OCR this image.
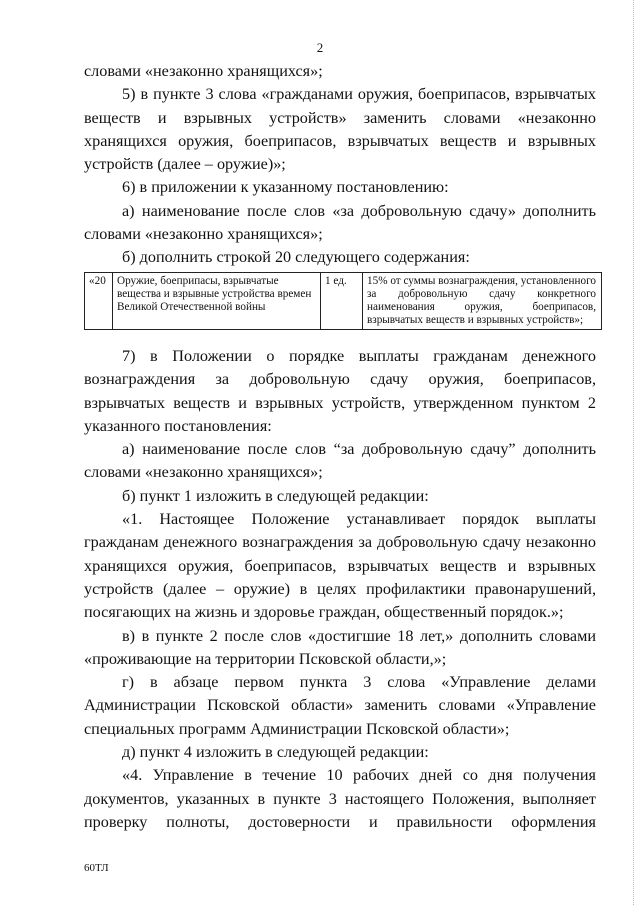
2

словами «незаконно хранящихся»;

5) в пункте 3 слова «гражданами оружия, боеприпасов, взрывчатых веществ и взрывных устройств» заменить словами «незаконно хранящихся оружия, боеприпасов, взрывчатых веществ и взрывных устройств (далее – оружие)»;

6) в приложении к указанному постановлению:

а) наименование после слов «за добровольную сдачу» дополнить словами «незаконно хранящихся»;

б) дополнить строкой 20 следующего содержания:

«20	Оружие, боеприпасы, взрывчатые вещества и взрывные устройства времен Великой Отечественной войны	1 ед.	15% от суммы вознаграждения, установленного за добровольную сдачу конкретного наименования оружия, боеприпасов, взрывчатых веществ и взрывных устройств»;

7) в Положении о порядке выплаты гражданам денежного вознаграждения за добровольную сдачу оружия, боеприпасов, взрывчатых веществ и взрывных устройств, утвержденном пунктом 2 указанного постановления:

а) наименование после слов “за добровольную сдачу” дополнить словами «незаконно хранящихся»;

б) пункт 1 изложить в следующей редакции:

«1. Настоящее Положение устанавливает порядок выплаты гражданам денежного вознаграждения за добровольную сдачу незаконно хранящихся оружия, боеприпасов, взрывчатых веществ и взрывных устройств (далее – оружие) в целях профилактики правонарушений, посягающих на жизнь и здоровье граждан, общественный порядок.»;

в) в пункте 2 после слов «достигшие 18 лет,» дополнить словами «проживающие на территории Псковской области,»;

г) в абзаце первом пункта 3 слова «Управление делами Администрации Псковской области» заменить словами «Управление специальных программ Администрации Псковской области»;

д) пункт 4 изложить в следующей редакции:

«4. Управление в течение 10 рабочих дней со дня получения документов, указанных в пункте 3 настоящего Положения, выполняет проверку полноты, достоверности и правильности оформления

60ТЛ
